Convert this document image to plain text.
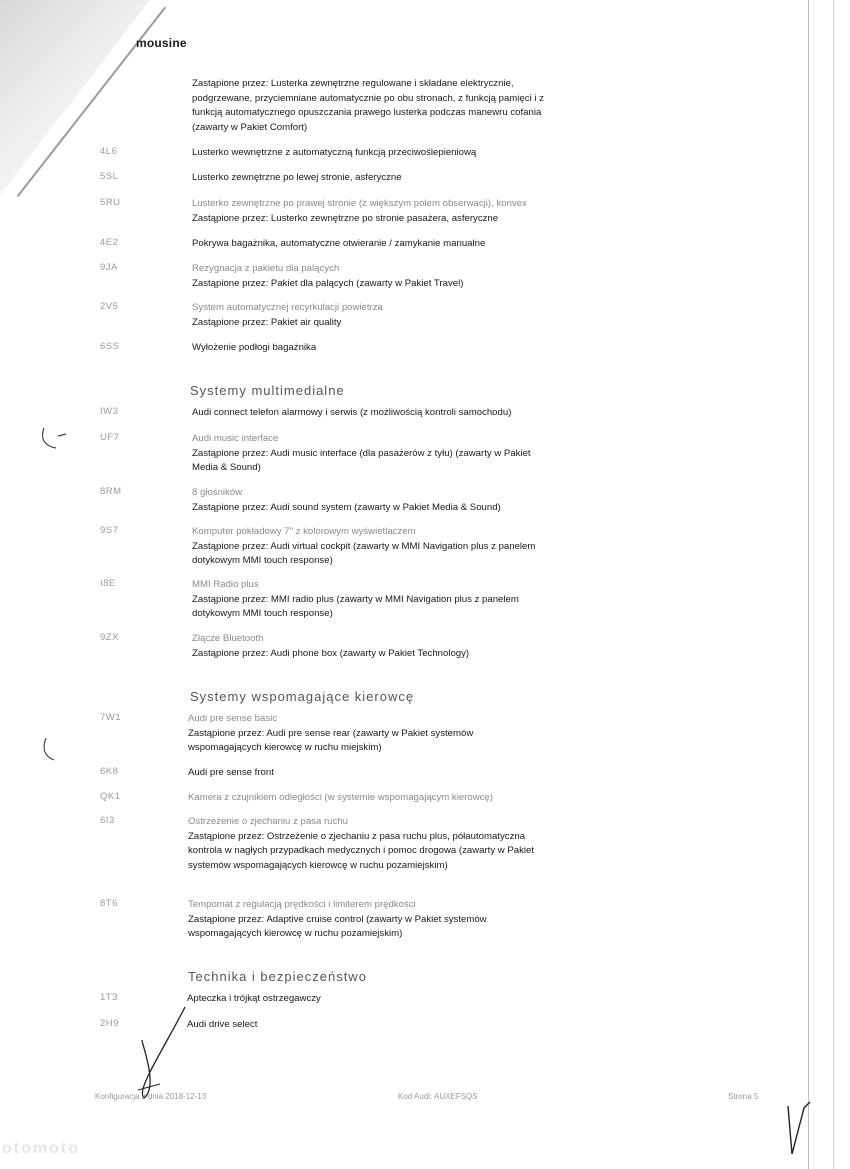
mousine
Zastąpione przez: Lusterka zewnętrzne regulowane i składane elektrycznie, podgrzewane, przyciemniane automatycznie po obu stronach, z funkcją pamięci i z funkcją automatycznego opuszczania prawego lusterka podczas manewru cofania (zawarty w Pakiet Comfort)
4L6	Lusterko wewnętrzne z automatyczną funkcją przeciwoślepieniową
5SL	Lusterko zewnętrzne po lewej stronie, asferyczne
5RU	Lusterko zewnętrzne po prawej stronie (z większym polem obserwacji), konvex
Zastąpione przez: Lusterko zewnętrzne po stronie pasażera, asferyczne
4E2	Pokrywa bagażnika, automatyczne otwieranie / zamykanie manualne
9JA	Rezygnacja z pakietu dla palących
Zastąpione przez: Pakiet dla palących (zawarty w Pakiet Travel)
2V5	System automatycznej recyrkulacji powietrza
Zastąpione przez: Pakiet air quality
6SS	Wyłożenie podłogi bagażnika
Systemy multimedialne
IW3	Audi connect telefon alarmowy i serwis (z możliwością kontroli samochodu)
UF7	Audi music interface
Zastąpione przez: Audi music interface (dla pasażerów z tyłu) (zawarty w Pakiet Media & Sound)
8RM	8 głośników
Zastąpione przez: Audi sound system (zawarty w Pakiet Media & Sound)
9S7	Komputer pokładowy 7" z kolorowym wyświetlaczem
Zastąpione przez: Audi virtual cockpit (zawarty w MMI Navigation plus z panelem dotykowym MMI touch response)
I8E	MMI Radio plus
Zastąpione przez: MMI radio plus (zawarty w MMI Navigation plus z panelem dotykowym MMI touch response)
9ZX	Złącze Bluetooth
Zastąpione przez: Audi phone box (zawarty w Pakiet Technology)
Systemy wspomagające kierowcę
7W1	Audi pre sense basic
Zastąpione przez: Audi pre sense rear (zawarty w Pakiet systemów wspomagających kierowcę w ruchu miejskim)
6K8	Audi pre sense front
QK1	Kamera z czujnikiem odległości (w systemie wspomagającym kierowcę)
6I3	Ostrzeżenie o zjechaniu z pasa ruchu
Zastąpione przez: Ostrzeżenie o zjechaniu z pasa ruchu plus, półautomatyczna kontrola w nagłych przypadkach medycznych i pomoc drogowa (zawarty w Pakiet systemów wspomagających kierowcę w ruchu pozamiejskim)
8T6	Tempomat z regulacją prędkości i limiterem prędkości
Zastąpione przez: Adaptive cruise control (zawarty w Pakiet systemów wspomagających kierowcę w ruchu pozamiejskim)
Technika i bezpieczeństwo
1T3	Apteczka i trójkąt ostrzegawczy
2H9	Audi drive select
Konfiguracja z dnia 2018-12-13	Kod Audi: AUXEFSQS	Strona 5
otomoto
